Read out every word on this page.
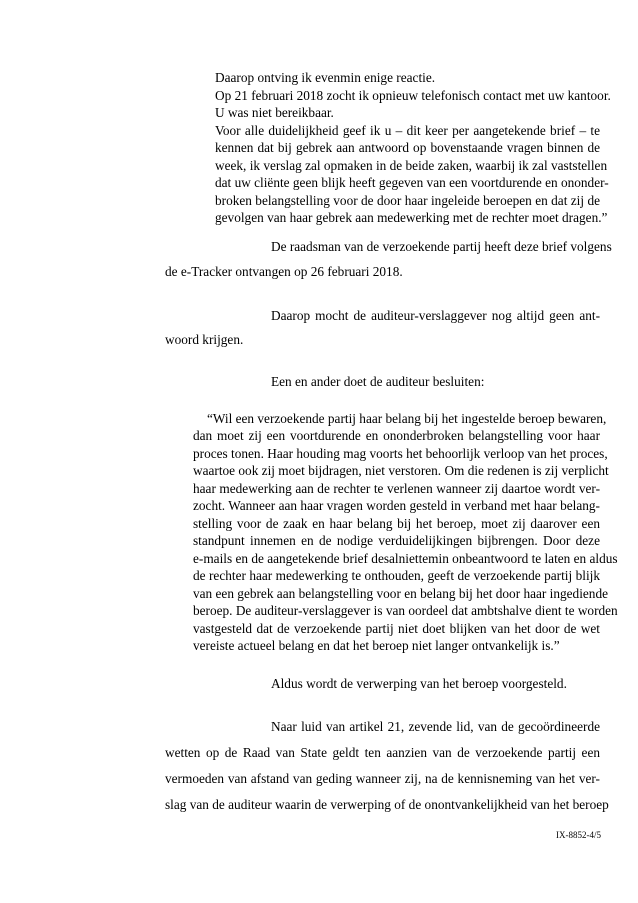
Daarop ontving ik evenmin enige reactie.

Op 21 februari 2018 zocht ik opnieuw telefonisch contact met uw kantoor.

U was niet bereikbaar.

Voor alle duidelijkheid geef ik u – dit keer per aangetekende brief – te

kennen dat bij gebrek aan antwoord op bovenstaande vragen binnen de

week, ik verslag zal opmaken in de beide zaken, waarbij ik zal vaststellen

dat uw cliënte geen blijk heeft gegeven van een voortdurende en ononder-

broken belangstelling voor de door haar ingeleide beroepen en dat zij de

gevolgen van haar gebrek aan medewerking met de rechter moet dragen.”

De raadsman van de verzoekende partij heeft deze brief volgens

de e-Tracker ontvangen op 26 februari 2018.

Daarop mocht de auditeur-verslaggever nog altijd geen ant-

woord krijgen.

Een en ander doet de auditeur besluiten:

“Wil een verzoekende partij haar belang bij het ingestelde beroep bewaren,

dan moet zij een voortdurende en ononderbroken belangstelling voor haar

proces tonen. Haar houding mag voorts het behoorlijk verloop van het proces,

waartoe ook zij moet bijdragen, niet verstoren. Om die redenen is zij verplicht

haar medewerking aan de rechter te verlenen wanneer zij daartoe wordt ver-

zocht. Wanneer aan haar vragen worden gesteld in verband met haar belang-

stelling voor de zaak en haar belang bij het beroep, moet zij daarover een

standpunt innemen en de nodige verduidelijkingen bijbrengen. Door deze

e-mails en de aangetekende brief desalniettemin onbeantwoord te laten en aldus

de rechter haar medewerking te onthouden, geeft de verzoekende partij blijk

van een gebrek aan belangstelling voor en belang bij het door haar ingediende

beroep. De auditeur-verslaggever is van oordeel dat ambtshalve dient te worden

vastgesteld dat de verzoekende partij niet doet blijken van het door de wet

vereiste actueel belang en dat het beroep niet langer ontvankelijk is.”

Aldus wordt de verwerping van het beroep voorgesteld.

Naar luid van artikel 21, zevende lid, van de gecoördineerde

wetten op de Raad van State geldt ten aanzien van de verzoekende partij een

vermoeden van afstand van geding wanneer zij, na de kennisneming van het ver-

slag van de auditeur waarin de verwerping of de onontvankelijkheid van het beroep

IX-8852-4/5
